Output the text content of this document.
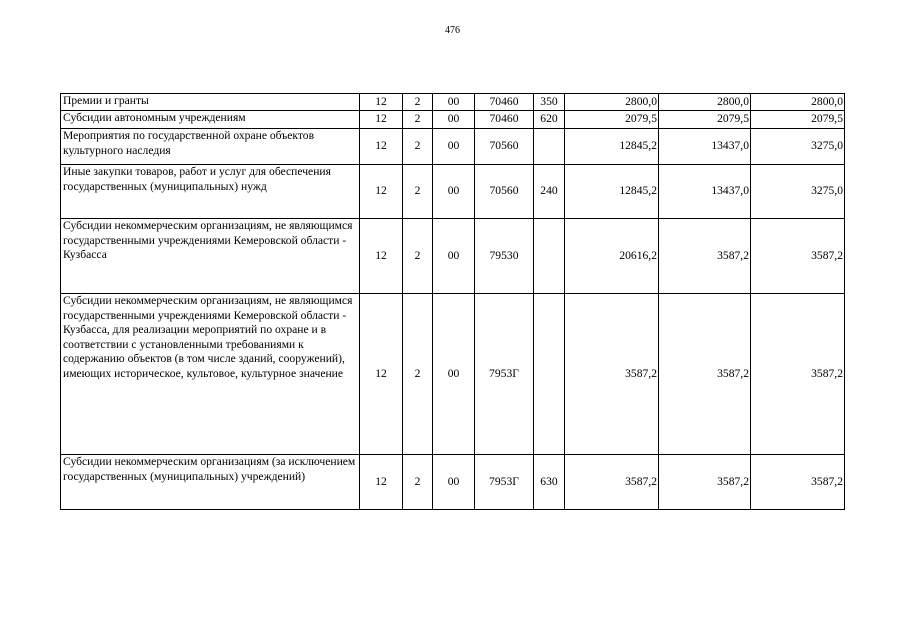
476
Премии и гранты	12	2	00	70460	350	2800,0	2800,0	2800,0
Субсидии автономным учреждениям	12	2	00	70460	620	2079,5	2079,5	2079,5
Мероприятия по государственной охране объектов культурного наследия	12	2	00	70560		12845,2	13437,0	3275,0
Иные закупки товаров, работ и услуг для обеспечения государственных (муниципальных) нужд	12	2	00	70560	240	12845,2	13437,0	3275,0
Субсидии некоммерческим организациям, не являющимся государственными учреждениями Кемеровской области - Кузбасса	12	2	00	79530		20616,2	3587,2	3587,2
Субсидии некоммерческим организациям, не являющимся государственными учреждениями Кемеровской области - Кузбасса, для реализации мероприятий по охране и в соответствии с установленными требованиями к содержанию объектов (в том числе зданий, сооружений), имеющих историческое, культовое, культурное значение	12	2	00	7953Г		3587,2	3587,2	3587,2
Субсидии некоммерческим организациям (за исключением государственных (муниципальных) учреждений)	12	2	00	7953Г	630	3587,2	3587,2	3587,2
